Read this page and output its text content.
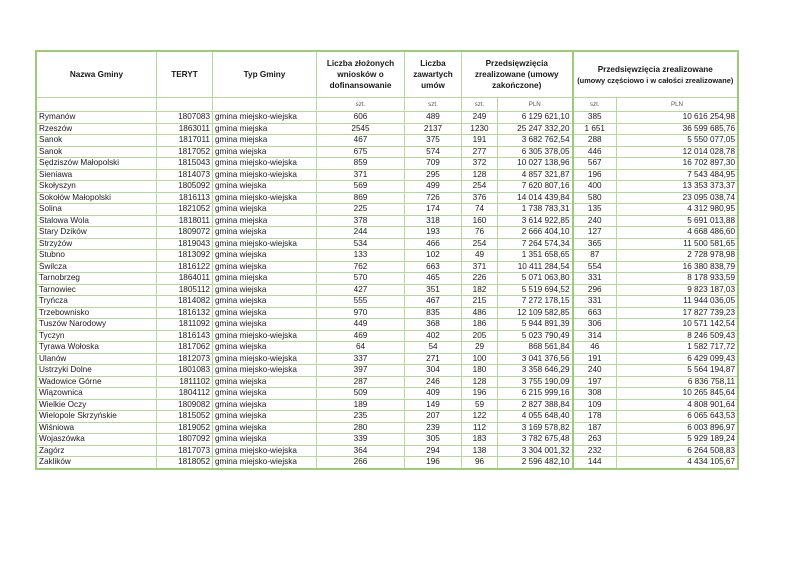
Nazwa Gminy	TERYT	Typ Gminy	Liczba złożonych wniosków o dofinansowanie	Liczba zawartych umów	Przedsięwzięcia zrealizowane (umowy zakończone)		Przedsięwzięcia zrealizowane
(umowy częściowo i w całości zrealizowane)	

			szt.	szt.	szt.	PLN	szt.	PLN
Rymanów	1807083	gmina miejsko-wiejska	606	489	249	6 129 621,10	385	10 616 254,98
Rzeszów	1863011	gmina miejska	2545	2137	1230	25 247 332,20	1 651	36 599 685,76
Sanok	1817011	gmina miejska	467	375	191	3 682 762,54	288	5 550 077,05
Sanok	1817052	gmina wiejska	675	574	277	6 305 378,05	446	12 014 028,78
Sędziszów Małopolski	1815043	gmina miejsko-wiejska	859	709	372	10 027 138,96	567	16 702 897,30
Sieniawa	1814073	gmina miejsko-wiejska	371	295	128	4 857 321,87	196	7 543 484,95
Skołyszyn	1805092	gmina wiejska	569	499	254	7 620 807,16	400	13 353 373,37
Sokołów Małopolski	1816113	gmina miejsko-wiejska	869	726	376	14 014 439,84	580	23 095 038,74
Solina	1821052	gmina wiejska	225	174	74	1 738 783,31	135	4 312 980,95
Stalowa Wola	1818011	gmina miejska	378	318	160	3 614 922,85	240	5 691 013,88
Stary Dzików	1809072	gmina wiejska	244	193	76	2 666 404,10	127	4 668 486,60
Strzyżów	1819043	gmina miejsko-wiejska	534	466	254	7 264 574,34	365	11 500 581,65
Stubno	1813092	gmina wiejska	133	102	49	1 351 658,65	87	2 728 978,98
Świlcza	1816122	gmina wiejska	762	663	371	10 411 284,54	554	16 380 838,79
Tarnobrzeg	1864011	gmina miejska	570	465	226	5 071 063,80	331	8 178 933,59
Tarnowiec	1805112	gmina wiejska	427	351	182	5 519 694,52	296	9 823 187,03
Tryńcza	1814082	gmina wiejska	555	467	215	7 272 178,15	331	11 944 036,05
Trzebownisko	1816132	gmina wiejska	970	835	486	12 109 582,85	663	17 827 739,23
Tuszów Narodowy	1811092	gmina wiejska	449	368	186	5 944 891,39	306	10 571 142,54
Tyczyn	1816143	gmina miejsko-wiejska	469	402	205	5 023 790,49	314	8 246 509,43
Tyrawa Wołoska	1817062	gmina wiejska	64	54	29	868 561,84	46	1 582 717,72
Ulanów	1812073	gmina miejsko-wiejska	337	271	100	3 041 376,56	191	6 429 099,43
Ustrzyki Dolne	1801083	gmina miejsko-wiejska	397	304	180	3 358 646,29	240	5 564 194,87
Wadowice Górne	1811102	gmina wiejska	287	246	128	3 755 190,09	197	6 836 758,11
Wiązownica	1804112	gmina wiejska	509	409	196	6 215 999,16	308	10 265 845,64
Wielkie Oczy	1809082	gmina wiejska	189	149	59	2 827 388,84	109	4 808 901,64
Wielopole Skrzyńskie	1815052	gmina wiejska	235	207	122	4 055 648,40	178	6 065 643,53
Wiśniowa	1819052	gmina wiejska	280	239	112	3 169 578,82	187	6 003 896,97
Wojaszówka	1807092	gmina wiejska	339	305	183	3 782 675,48	263	5 929 189,24
Zagórz	1817073	gmina miejsko-wiejska	364	294	138	3 304 001,32	232	6 264 508,83
Zaklików	1818052	gmina miejsko-wiejska	266	196	96	2 596 482,10	144	4 434 105,67
